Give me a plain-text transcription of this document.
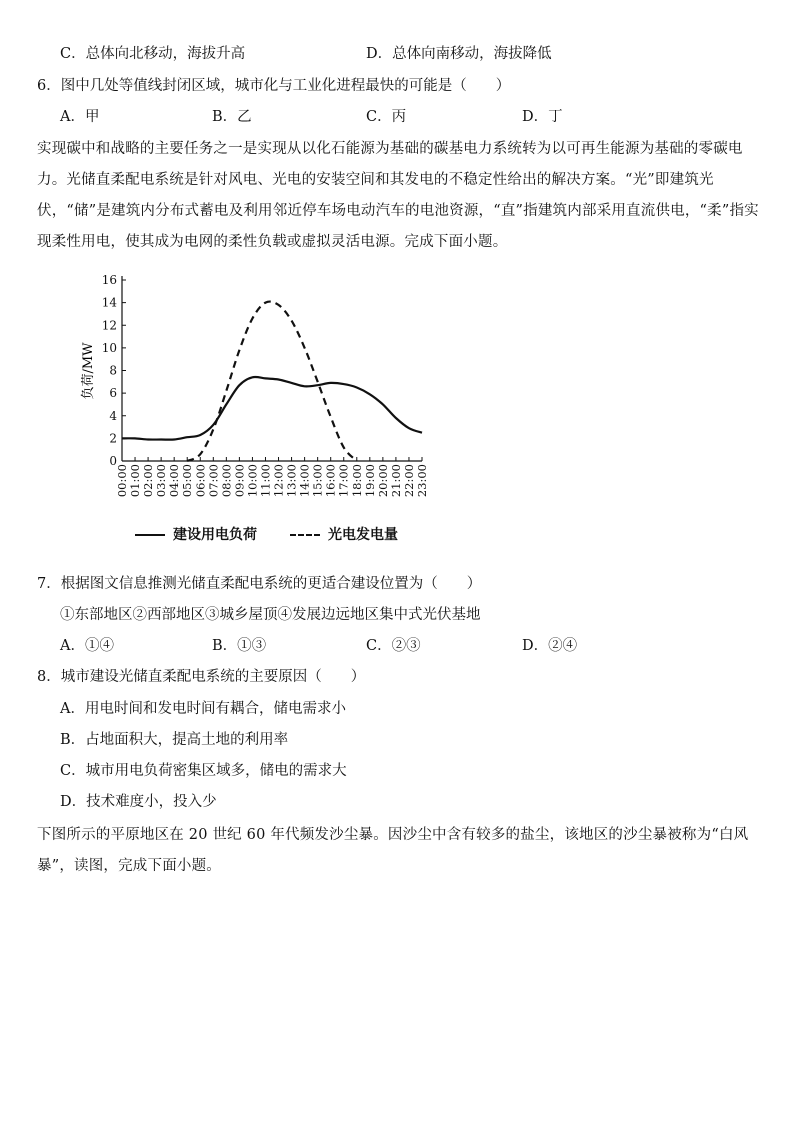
C．总体向北移动，海拔升高	D．总体向南移动，海拔降低
6．图中几处等值线封闭区域，城市化与工业化进程最快的可能是（　　）
A．甲	B．乙	C．丙	D．丁
实现碳中和战略的主要任务之一是实现从以化石能源为基础的碳基电力系统转为以可再生能源为基础的零碳电力。光储直柔配电系统是针对风电、光电的安装空间和其发电的不稳定性给出的解决方案。“光”即建筑光伏，“储”是建筑内分布式蓄电及利用邻近停车场电动汽车的电池资源，“直”指建筑内部采用直流供电，“柔”指实现柔性用电，使其成为电网的柔性负载或虚拟灵活电源。完成下面小题。
负荷/MW
0
2
4
6
8
10
12
14
16
00:00 01:00 02:00 03:00 04:00 05:00 06:00 07:00 08:00 09:00 10:00 11:00 12:00 13:00 14:00 15:00 16:00 17:00 18:00 19:00 20:00 21:00 22:00 23:00
建设用电负荷	光电发电量
7．根据图文信息推测光储直柔配电系统的更适合建设位置为（　　）
①东部地区②西部地区③城乡屋顶④发展边远地区集中式光伏基地
A．①④	B．①③	C．②③	D．②④
8．城市建设光储直柔配电系统的主要原因（　　）
A．用电时间和发电时间有耦合，储电需求小
B．占地面积大，提高土地的利用率
C．城市用电负荷密集区域多，储电的需求大
D．技术难度小，投入少
下图所示的平原地区在 20 世纪 60 年代频发沙尘暴。因沙尘中含有较多的盐尘，该地区的沙尘暴被称为“白风暴”，读图，完成下面小题。
